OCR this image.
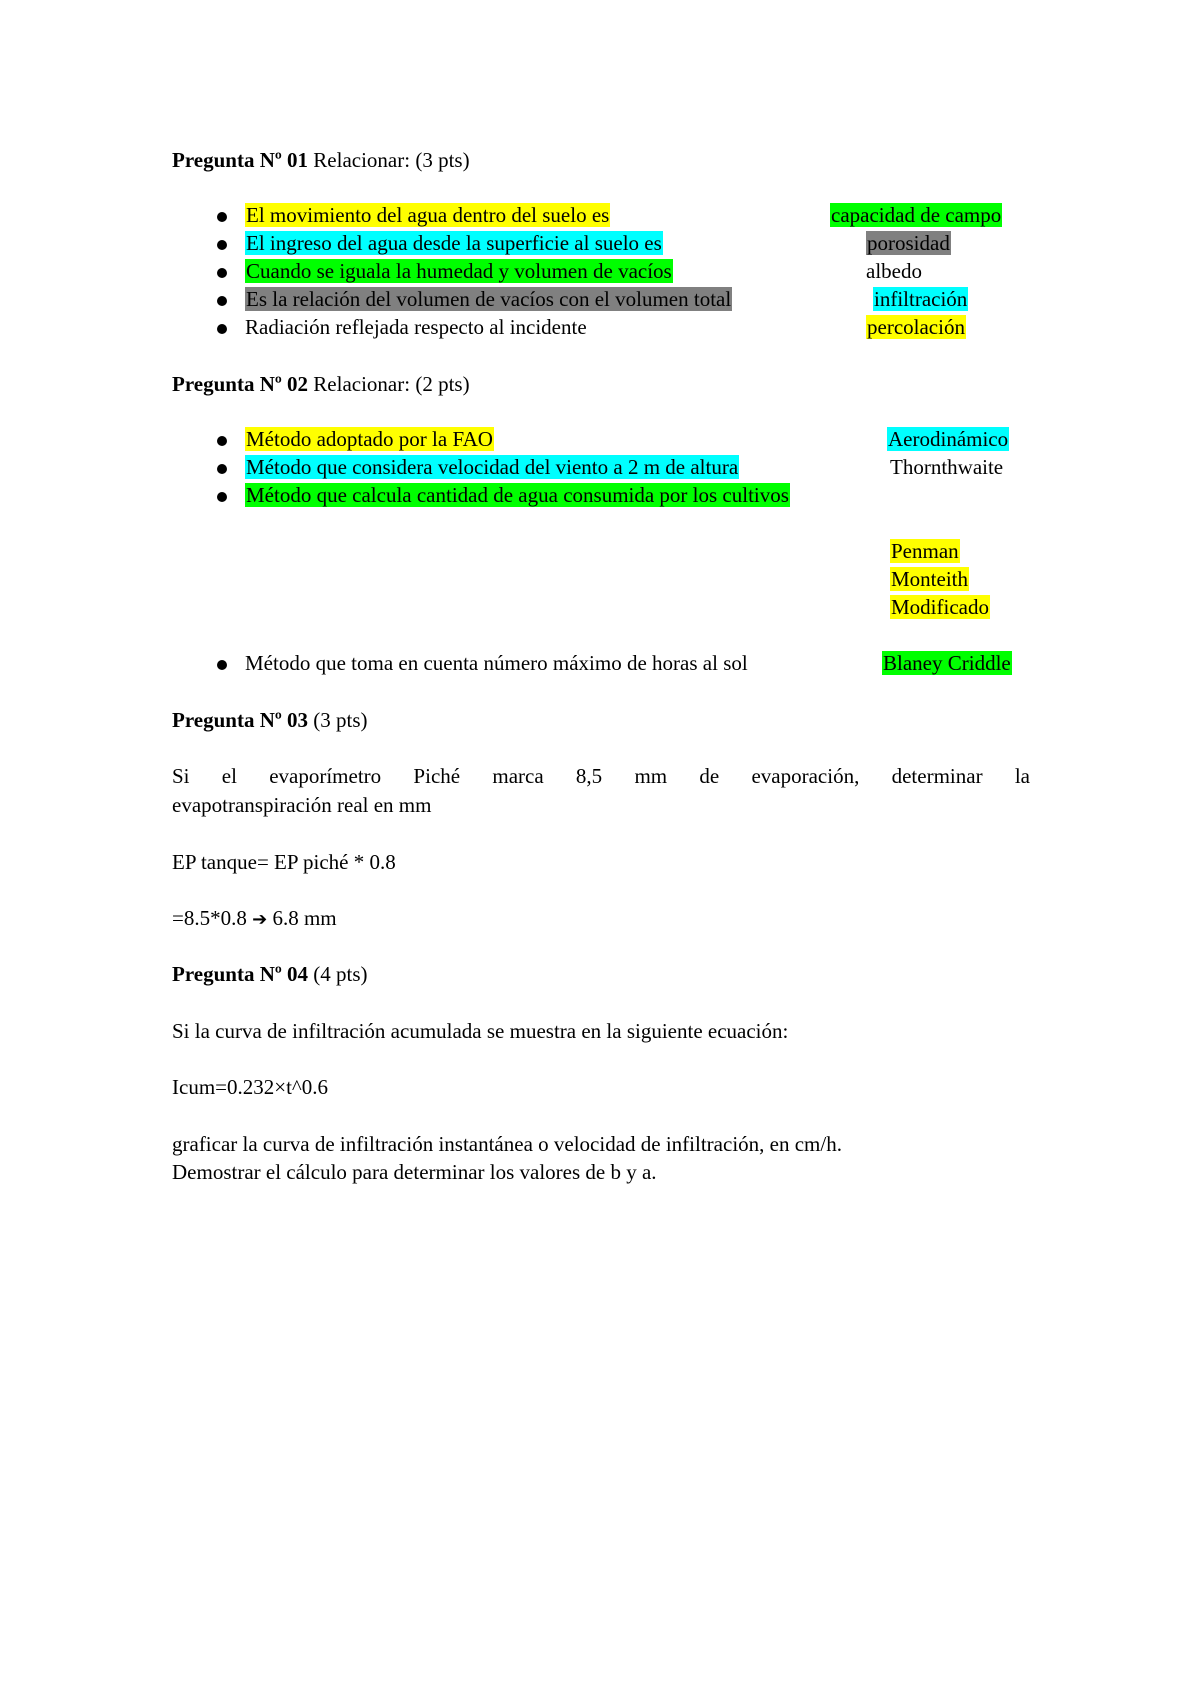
Pregunta Nº 01 Relacionar: (3 pts)
El movimiento del agua dentro del suelo es
El ingreso del agua desde la superficie al suelo es
Cuando se iguala la humedad y volumen de vacíos
Es la relación del volumen de vacíos con el volumen total
Radiación reflejada respecto al incidente
capacidad de campo
porosidad
albedo
infiltración
percolación
Pregunta Nº 02 Relacionar: (2 pts)
Método adoptado por la FAO
Método que considera velocidad del viento a 2 m de altura
Método que calcula cantidad de agua consumida por los cultivos
Método que toma en cuenta número máximo de horas al sol
Aerodinámico
Thornthwaite
Penman
Monteith
Modificado
Blaney Criddle
Pregunta Nº 03 (3 pts)
Si el evaporímetro Piché marca 8,5 mm de evaporación, determinar la
evapotranspiración real en mm
EP tanque= EP piché * 0.8
=8.5*0.8 ➔ 6.8 mm
Pregunta Nº 04 (4 pts)
Si la curva de infiltración acumulada se muestra en la siguiente ecuación:
Icum=0.232×t^0.6
graficar la curva de infiltración instantánea o velocidad de infiltración, en cm/h.
Demostrar el cálculo para determinar los valores de b y a.
